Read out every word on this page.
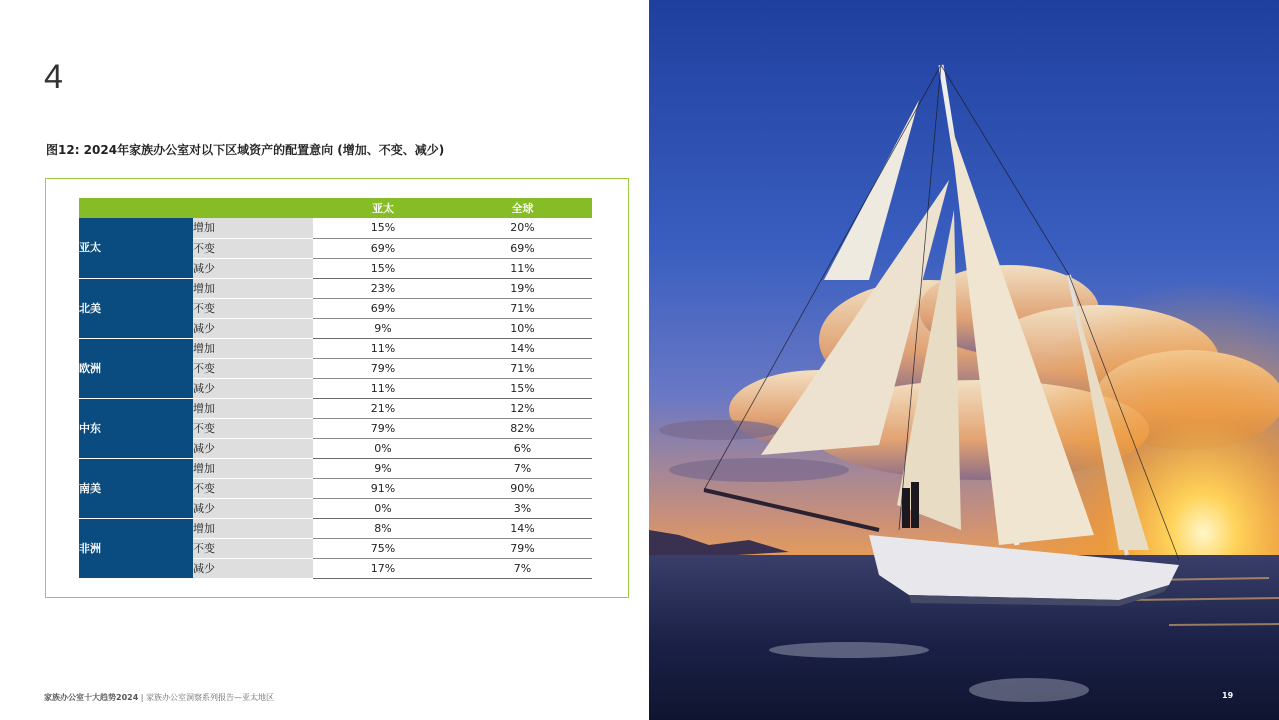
4
图12: 2024年家族办公室对以下区域资产的配置意向 (增加、不变、减少)
		亚太	全球
亚太	增加	15%	20%
	不变	69%	69%
	减少	15%	11%
北美	增加	23%	19%
	不变	69%	71%
	减少	9%	10%
欧洲	增加	11%	14%
	不变	79%	71%
	减少	11%	15%
中东	增加	21%	12%
	不变	79%	82%
	减少	0%	6%
南美	增加	9%	7%
	不变	91%	90%
	减少	0%	3%
非洲	增加	8%	14%
	不变	75%	79%
	减少	17%	7%
家族办公室十大趋势2024 | 家族办公室洞察系列报告—亚太地区	19
